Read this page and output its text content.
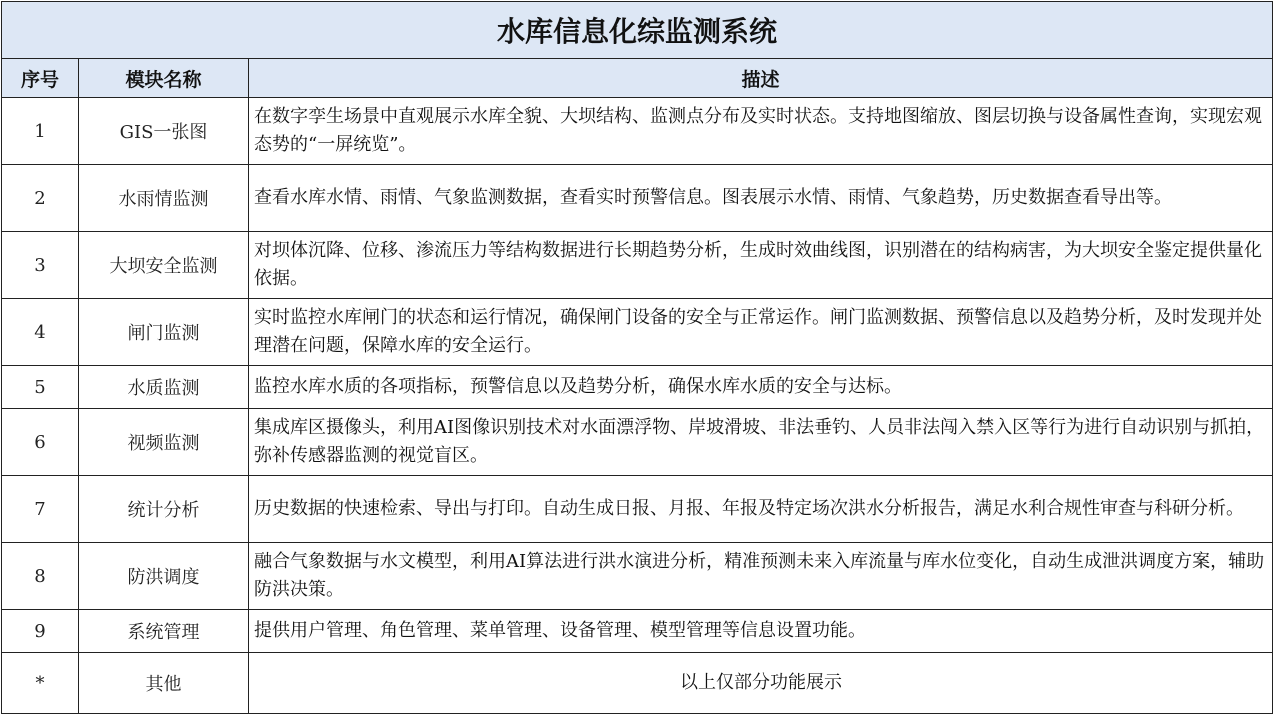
水库信息化综监测系统		
序号	模块名称	描述
1	GIS一张图	在数字孪生场景中直观展示水库全貌、大坝结构、监测点分布及实时状态。支持地图缩放、图层切换与设备属性查询，实现宏观态势的“一屏统览”。
2	水雨情监测	查看水库水情、雨情、气象监测数据，查看实时预警信息。图表展示水情、雨情、气象趋势，历史数据查看导出等。
3	大坝安全监测	对坝体沉降、位移、渗流压力等结构数据进行长期趋势分析，生成时效曲线图，识别潜在的结构病害，为大坝安全鉴定提供量化依据。
4	闸门监测	实时监控水库闸门的状态和运行情况，确保闸门设备的安全与正常运作。闸门监测数据、预警信息以及趋势分析，及时发现并处理潜在问题，保障水库的安全运行。
5	水质监测	监控水库水质的各项指标，预警信息以及趋势分析，确保水库水质的安全与达标。
6	视频监测	集成库区摄像头，利用AI图像识别技术对水面漂浮物、岸坡滑坡、非法垂钓、人员非法闯入禁入区等行为进行自动识别与抓拍，弥补传感器监测的视觉盲区。
7	统计分析	历史数据的快速检索、导出与打印。自动生成日报、月报、年报及特定场次洪水分析报告，满足水利合规性审查与科研分析。
8	防洪调度	融合气象数据与水文模型，利用AI算法进行洪水演进分析，精准预测未来入库流量与库水位变化，自动生成泄洪调度方案，辅助防洪决策。
9	系统管理	提供用户管理、角色管理、菜单管理、设备管理、模型管理等信息设置功能。
*	其他	以上仅部分功能展示
